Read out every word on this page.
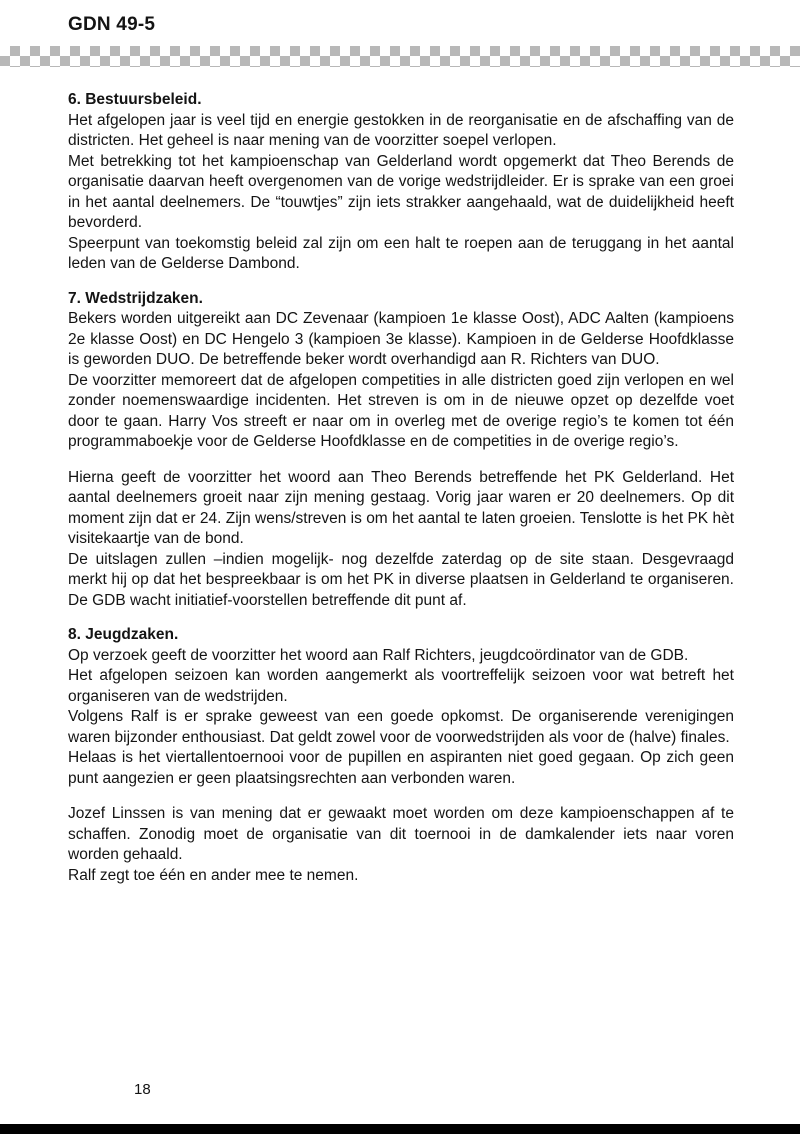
GDN 49-5
6. Bestuursbeleid.

Het afgelopen jaar is veel tijd en energie gestokken in de reorganisatie en de afschaffing van de districten. Het geheel is naar mening van de voorzitter soepel verlopen.

Met betrekking tot het kampioenschap van Gelderland wordt opgemerkt dat Theo Berends de organisatie daarvan heeft overgenomen van de vorige wedstrijdleider. Er is sprake van een groei in het aantal deelnemers. De “touwtjes” zijn iets strakker aangehaald, wat de duidelijkheid heeft bevorderd.

Speerpunt van toekomstig beleid zal zijn om een halt te roepen aan de teruggang in het aantal leden van de Gelderse Dambond.

7. Wedstrijdzaken.

Bekers worden uitgereikt aan DC Zevenaar (kampioen 1e klasse Oost), ADC Aalten (kampioens 2e klasse Oost) en DC Hengelo 3 (kampioen 3e klasse). Kampioen in de Gelderse Hoofdklasse is geworden DUO. De betreffende beker wordt overhandigd aan R. Richters van DUO.

De voorzitter memoreert dat de afgelopen competities in alle districten goed zijn verlopen en wel zonder noemenswaardige incidenten. Het streven is om in de nieuwe opzet op dezelfde voet door te gaan. Harry Vos streeft er naar om in overleg met de overige regio’s te komen tot één programmaboekje voor de Gelderse Hoofdklasse en de competities in de overige regio’s.

Hierna geeft de voorzitter het woord aan Theo Berends betreffende het PK Gelderland. Het aantal deelnemers groeit naar zijn mening gestaag. Vorig jaar waren er 20 deelnemers. Op dit moment zijn dat er 24. Zijn wens/streven is om het aantal te laten groeien. Tenslotte is het PK hèt visitekaartje van de bond.

De uitslagen zullen –indien mogelijk- nog dezelfde zaterdag op de site staan. Desgevraagd merkt hij op dat het bespreekbaar is om het PK in diverse plaatsen in Gelderland te organiseren. De GDB wacht initiatief-voorstellen betreffende dit punt af.

8. Jeugdzaken.

Op verzoek geeft de voorzitter het woord aan Ralf Richters, jeugdcoördinator van de GDB.

Het afgelopen seizoen kan worden aangemerkt als voortreffelijk seizoen voor wat betreft het organiseren van de wedstrijden.

Volgens Ralf is er sprake geweest van een goede opkomst. De organiserende verenigingen waren bijzonder enthousiast. Dat geldt zowel voor de voorwedstrijden als voor de (halve) finales.

Helaas is het viertallentoernooi voor de pupillen en aspiranten niet goed gegaan. Op zich geen punt aangezien er geen plaatsingsrechten aan verbonden waren.

Jozef Linssen is van mening dat er gewaakt moet worden om deze kampioenschappen af te schaffen. Zonodig moet de organisatie van dit toernooi in de damkalender iets naar voren worden gehaald.

Ralf zegt toe één en ander mee te nemen.

18
